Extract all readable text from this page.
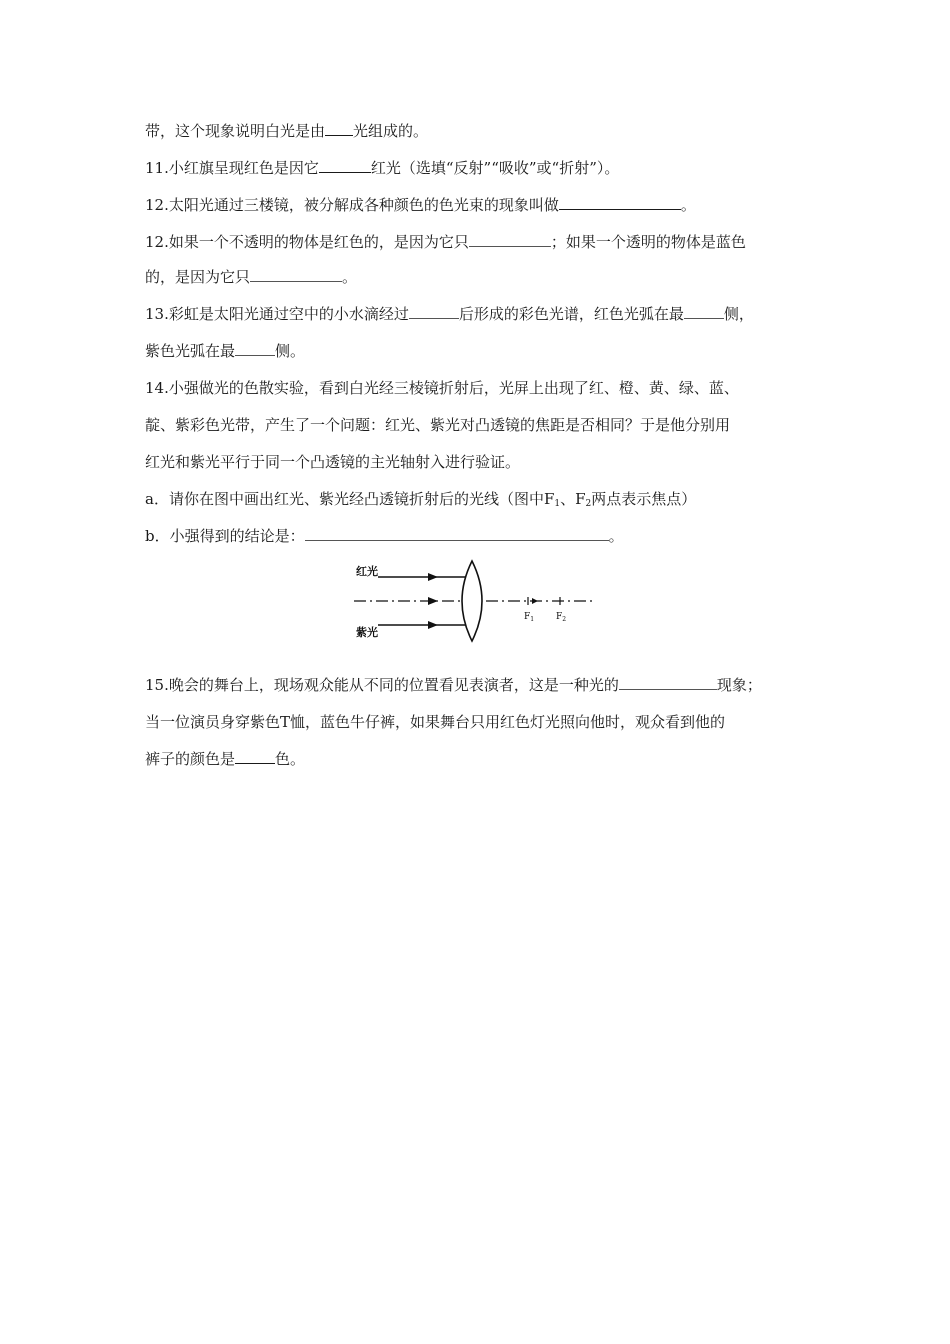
带，这个现象说明白光是由 光组成的。
11.小红旗呈现红色是因它	红光（选填“反射”“吸收”或“折射”）。
12.太阳光通过三楼镜，被分解成各种颜色的色光束的现象叫做	。
12.如果一个不透明的物体是红色的，是因为它只	；如果一个透明的物体是蓝色
的，是因为它只	。
13.彩虹是太阳光通过空中的小水滴经过	后形成的彩色光谱，红色光弧在最	侧，
紫色光弧在最	侧。
14.小强做光的色散实验，看到白光经三棱镜折射后，光屏上出现了红、橙、黄、绿、蓝、
靛、紫彩色光带，产生了一个问题：红光、紫光对凸透镜的焦距是否相同？于是他分别用
红光和紫光平行于同一个凸透镜的主光轴射入进行验证。
a．请你在图中画出红光、紫光经凸透镜折射后的光线（图中$F_1$、$F_2$两点表示焦点）
b．小强得到的结论是：	。
15.晚会的舞台上，现场观众能从不同的位置看见表演者，这是一种光的	现象；
当一位演员身穿紫色T恤，蓝色牛仔裤，如果舞台只用红色灯光照向他时，观众看到他的
裤子的颜色是	色。
红光
紫光
$F_1$ $F_2$
